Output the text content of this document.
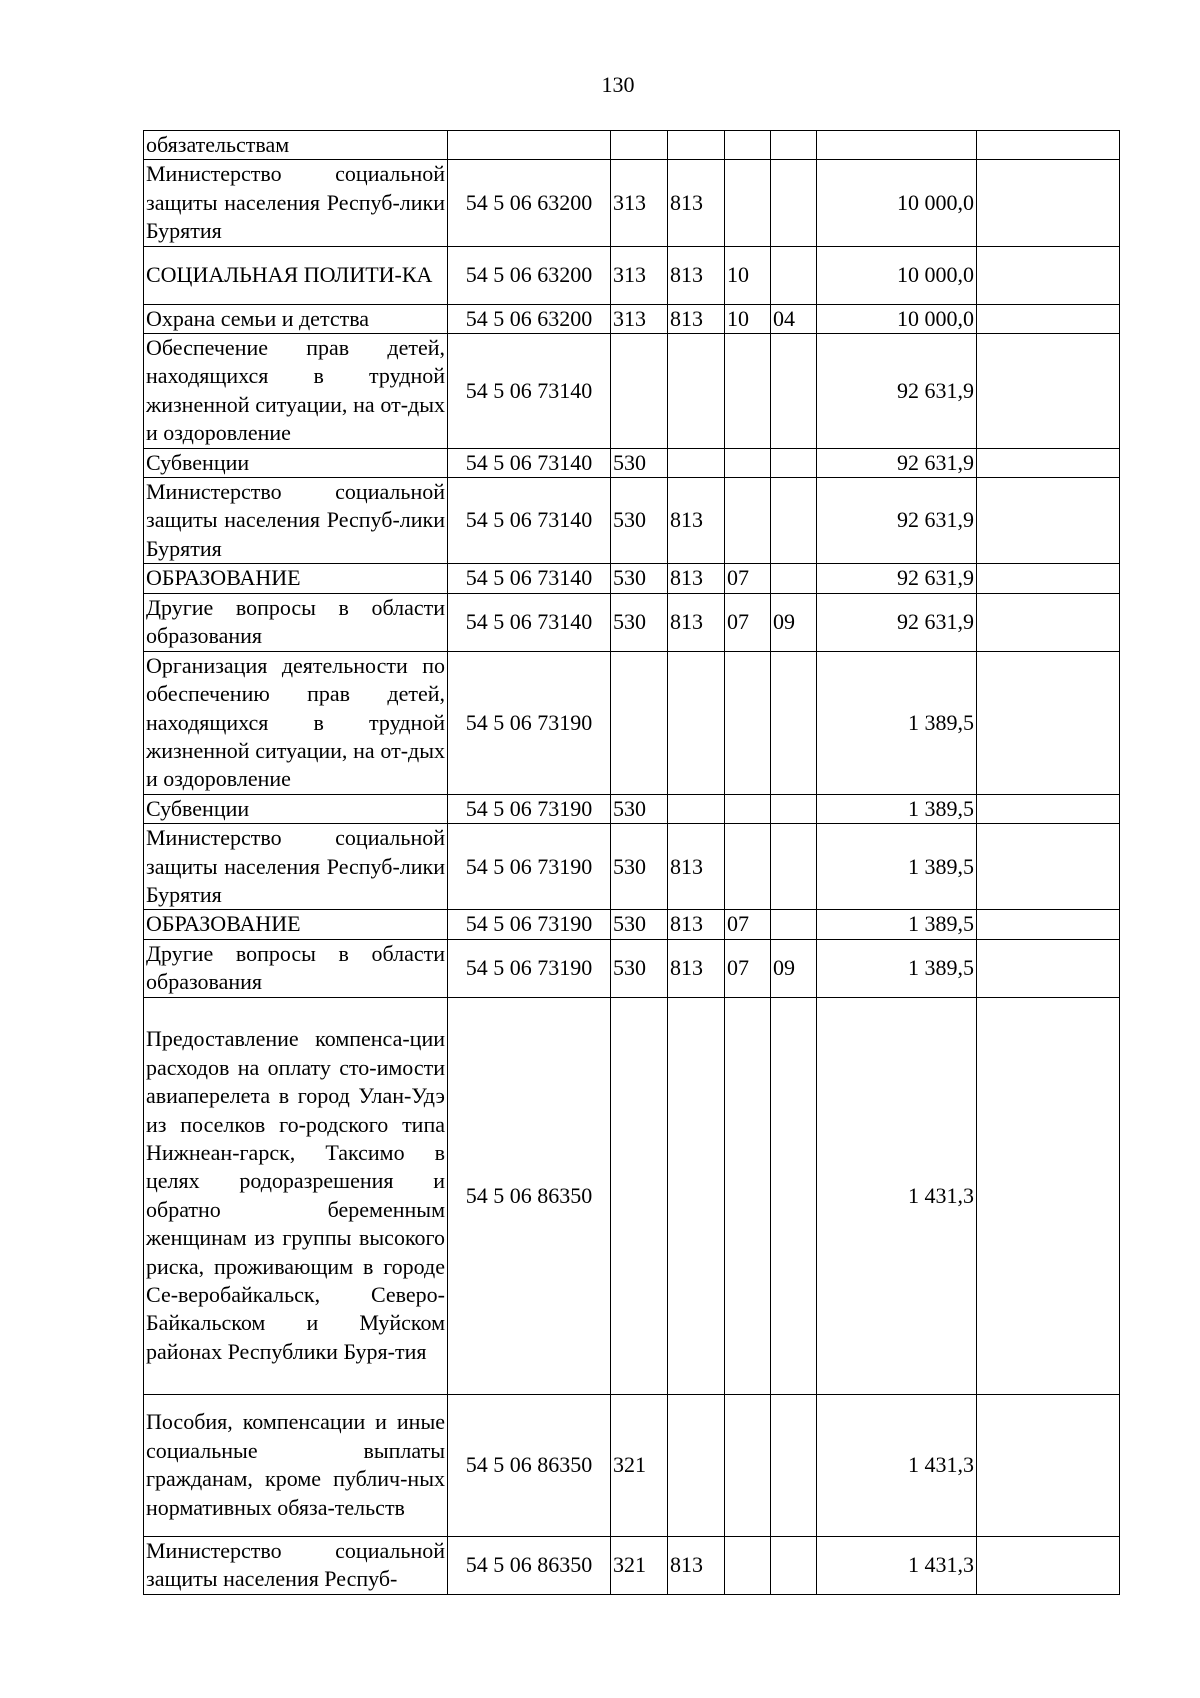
130
обязательствам							
Министерство социальной защиты населения Респуб-лики Бурятия	54 5 06 63200	313	813			10 000,0	
СОЦИАЛЬНАЯ ПОЛИТИ-КА	54 5 06 63200	313	813	10		10 000,0	
Охрана семьи и детства	54 5 06 63200	313	813	10	04	10 000,0	
Обеспечение прав детей, находящихся в трудной жизненной ситуации, на от-дых и оздоровление	54 5 06 73140					92 631,9	
Субвенции	54 5 06 73140	530				92 631,9	
Министерство социальной защиты населения Респуб-лики Бурятия	54 5 06 73140	530	813			92 631,9	
ОБРАЗОВАНИЕ	54 5 06 73140	530	813	07		92 631,9	
Другие вопросы в области образования	54 5 06 73140	530	813	07	09	92 631,9	
Организация деятельности по обеспечению прав детей, находящихся в трудной жизненной ситуации, на от-дых и оздоровление	54 5 06 73190					1 389,5	
Субвенции	54 5 06 73190	530				1 389,5	
Министерство социальной защиты населения Респуб-лики Бурятия	54 5 06 73190	530	813			1 389,5	
ОБРАЗОВАНИЕ	54 5 06 73190	530	813	07		1 389,5	
Другие вопросы в области образования	54 5 06 73190	530	813	07	09	1 389,5	
Предоставление компенса-ции расходов на оплату сто-имости авиаперелета в город Улан-Удэ из поселков го-родского типа Нижнеан-гарск, Таксимо в целях родоразрешения и обратно беременным женщинам из группы высокого риска, проживающим в городе Се-веробайкальск, Северо-Байкальском и Муйском районах Республики Буря-тия	54 5 06 86350					1 431,3	
Пособия, компенсации и иные социальные выплаты гражданам, кроме публич-ных нормативных обяза-тельств	54 5 06 86350	321				1 431,3	
Министерство социальной защиты населения Респуб-	54 5 06 86350	321	813			1 431,3	
